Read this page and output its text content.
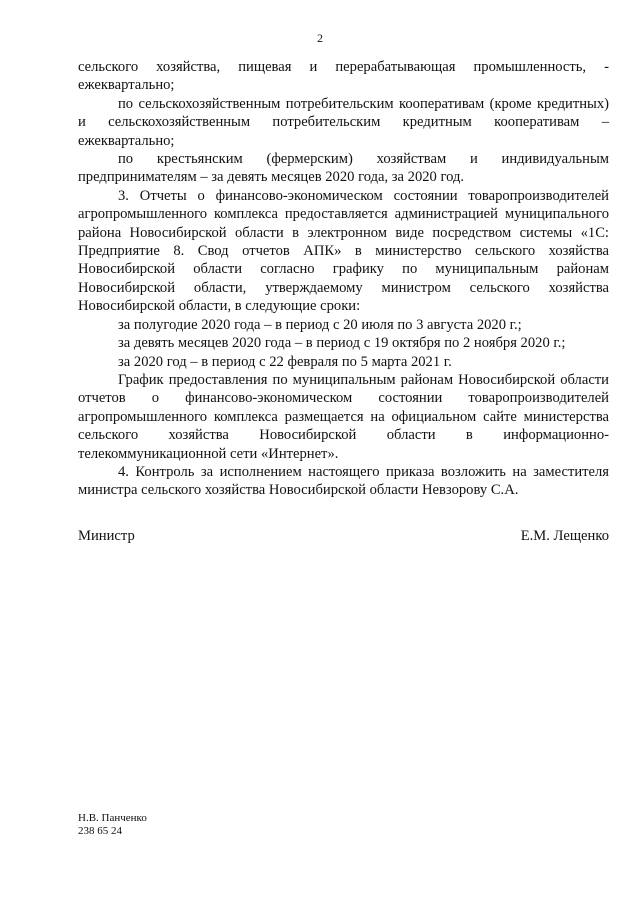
2

сельского хозяйства, пищевая и перерабатывающая промышленность, - ежеквартально;

по сельскохозяйственным потребительским кооперативам (кроме кредитных) и сельскохозяйственным потребительским кредитным кооперативам – ежеквартально;

по крестьянским (фермерским) хозяйствам и индивидуальным предпринимателям – за девять месяцев 2020 года, за 2020 год.

3. Отчеты о финансово-экономическом состоянии товаропроизводителей агропромышленного комплекса предоставляется администрацией муниципального района Новосибирской области в электронном виде посредством системы «1С: Предприятие 8. Свод отчетов АПК» в министерство сельского хозяйства Новосибирской области согласно графику по муниципальным районам Новосибирской области, утверждаемому министром сельского хозяйства Новосибирской области, в следующие сроки:

за полугодие 2020 года – в период с 20 июля по 3 августа 2020 г.;

за девять месяцев 2020 года – в период с 19 октября по 2 ноября 2020 г.;

за 2020 год – в период с 22 февраля по 5 марта 2021 г.

График предоставления по муниципальным районам Новосибирской области отчетов о финансово-экономическом состоянии товаропроизводителей агропромышленного комплекса размещается на официальном сайте министерства сельского хозяйства Новосибирской области в информационно-телекоммуникационной сети «Интернет».

4. Контроль за исполнением настоящего приказа возложить на заместителя министра сельского хозяйства Новосибирской области Невзорову С.А.

Министр	Е.М. Лещенко
Н.В. Панченко
238 65 24
